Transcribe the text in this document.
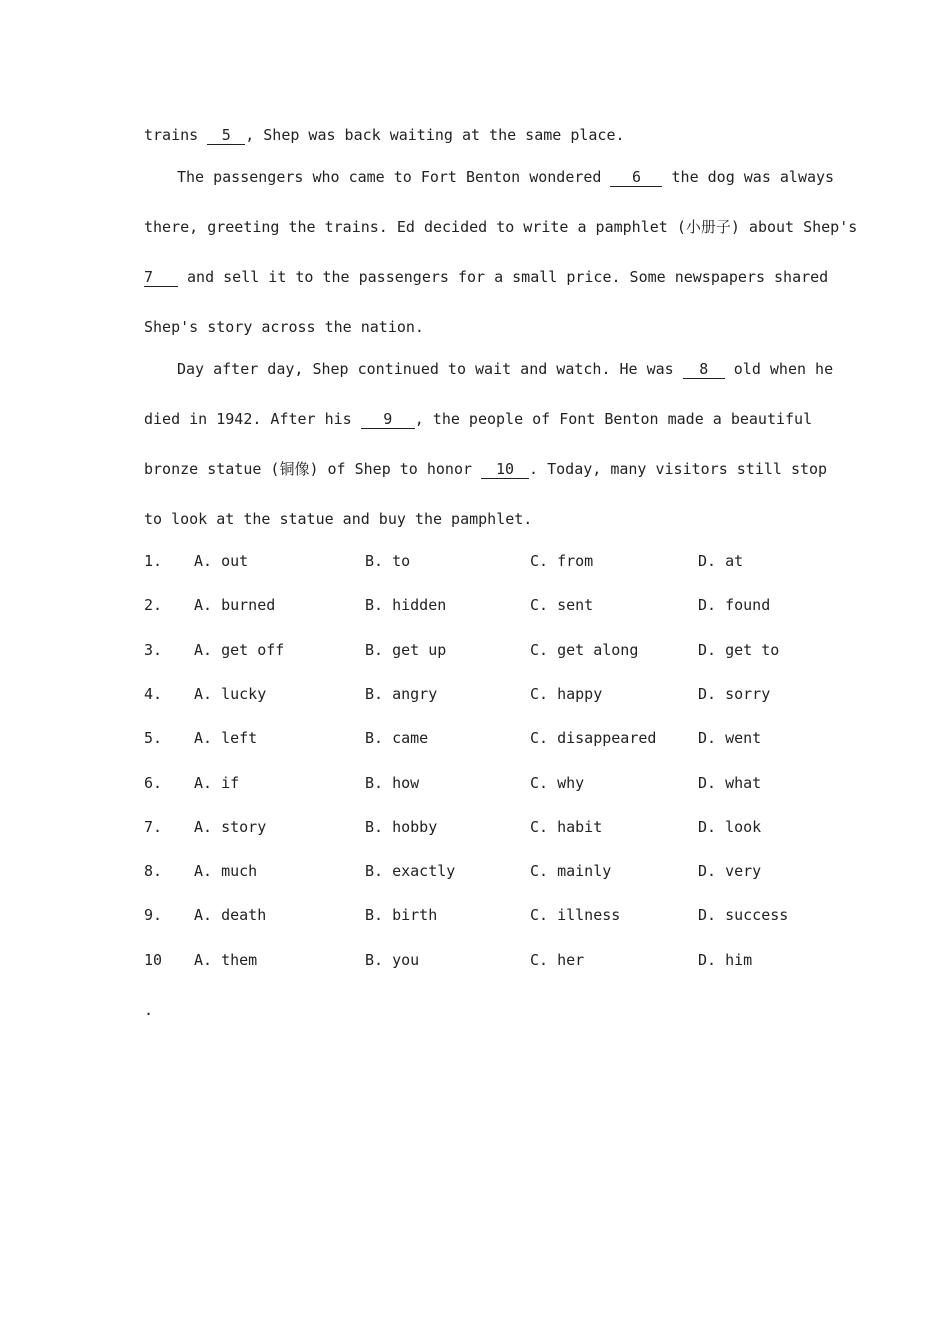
trains 5 , Shep was back waiting at the same place.
The passengers who came to Fort Benton wondered 6 the dog was always
there, greeting the trains. Ed decided to write a pamphlet (小册子) about Shep's
7 and sell it to the passengers for a small price. Some newspapers shared
Shep's story across the nation.
Day after day, Shep continued to wait and watch. He was 8 old when he
died in 1942. After his 9 , the people of Font Benton made a beautiful
bronze statue (铜像) of Shep to honor 10 . Today, many visitors still stop
to look at the statue and buy the pamphlet.
1. A. out	B. to	C. from	D. at
2. A. burned	B. hidden	C. sent	D. found
3. A. get off	B. get up	C. get along	D. get to
4. A. lucky	B. angry	C. happy	D. sorry
5. A. left	B. came	C. disappeared	D. went
6. A. if	B. how	C. why	D. what
7. A. story	B. hobby	C. habit	D. look
8. A. much	B. exactly	C. mainly	D. very
9. A. death	B. birth	C. illness	D. success
10 A. them	B. you	C. her	D. him
.
